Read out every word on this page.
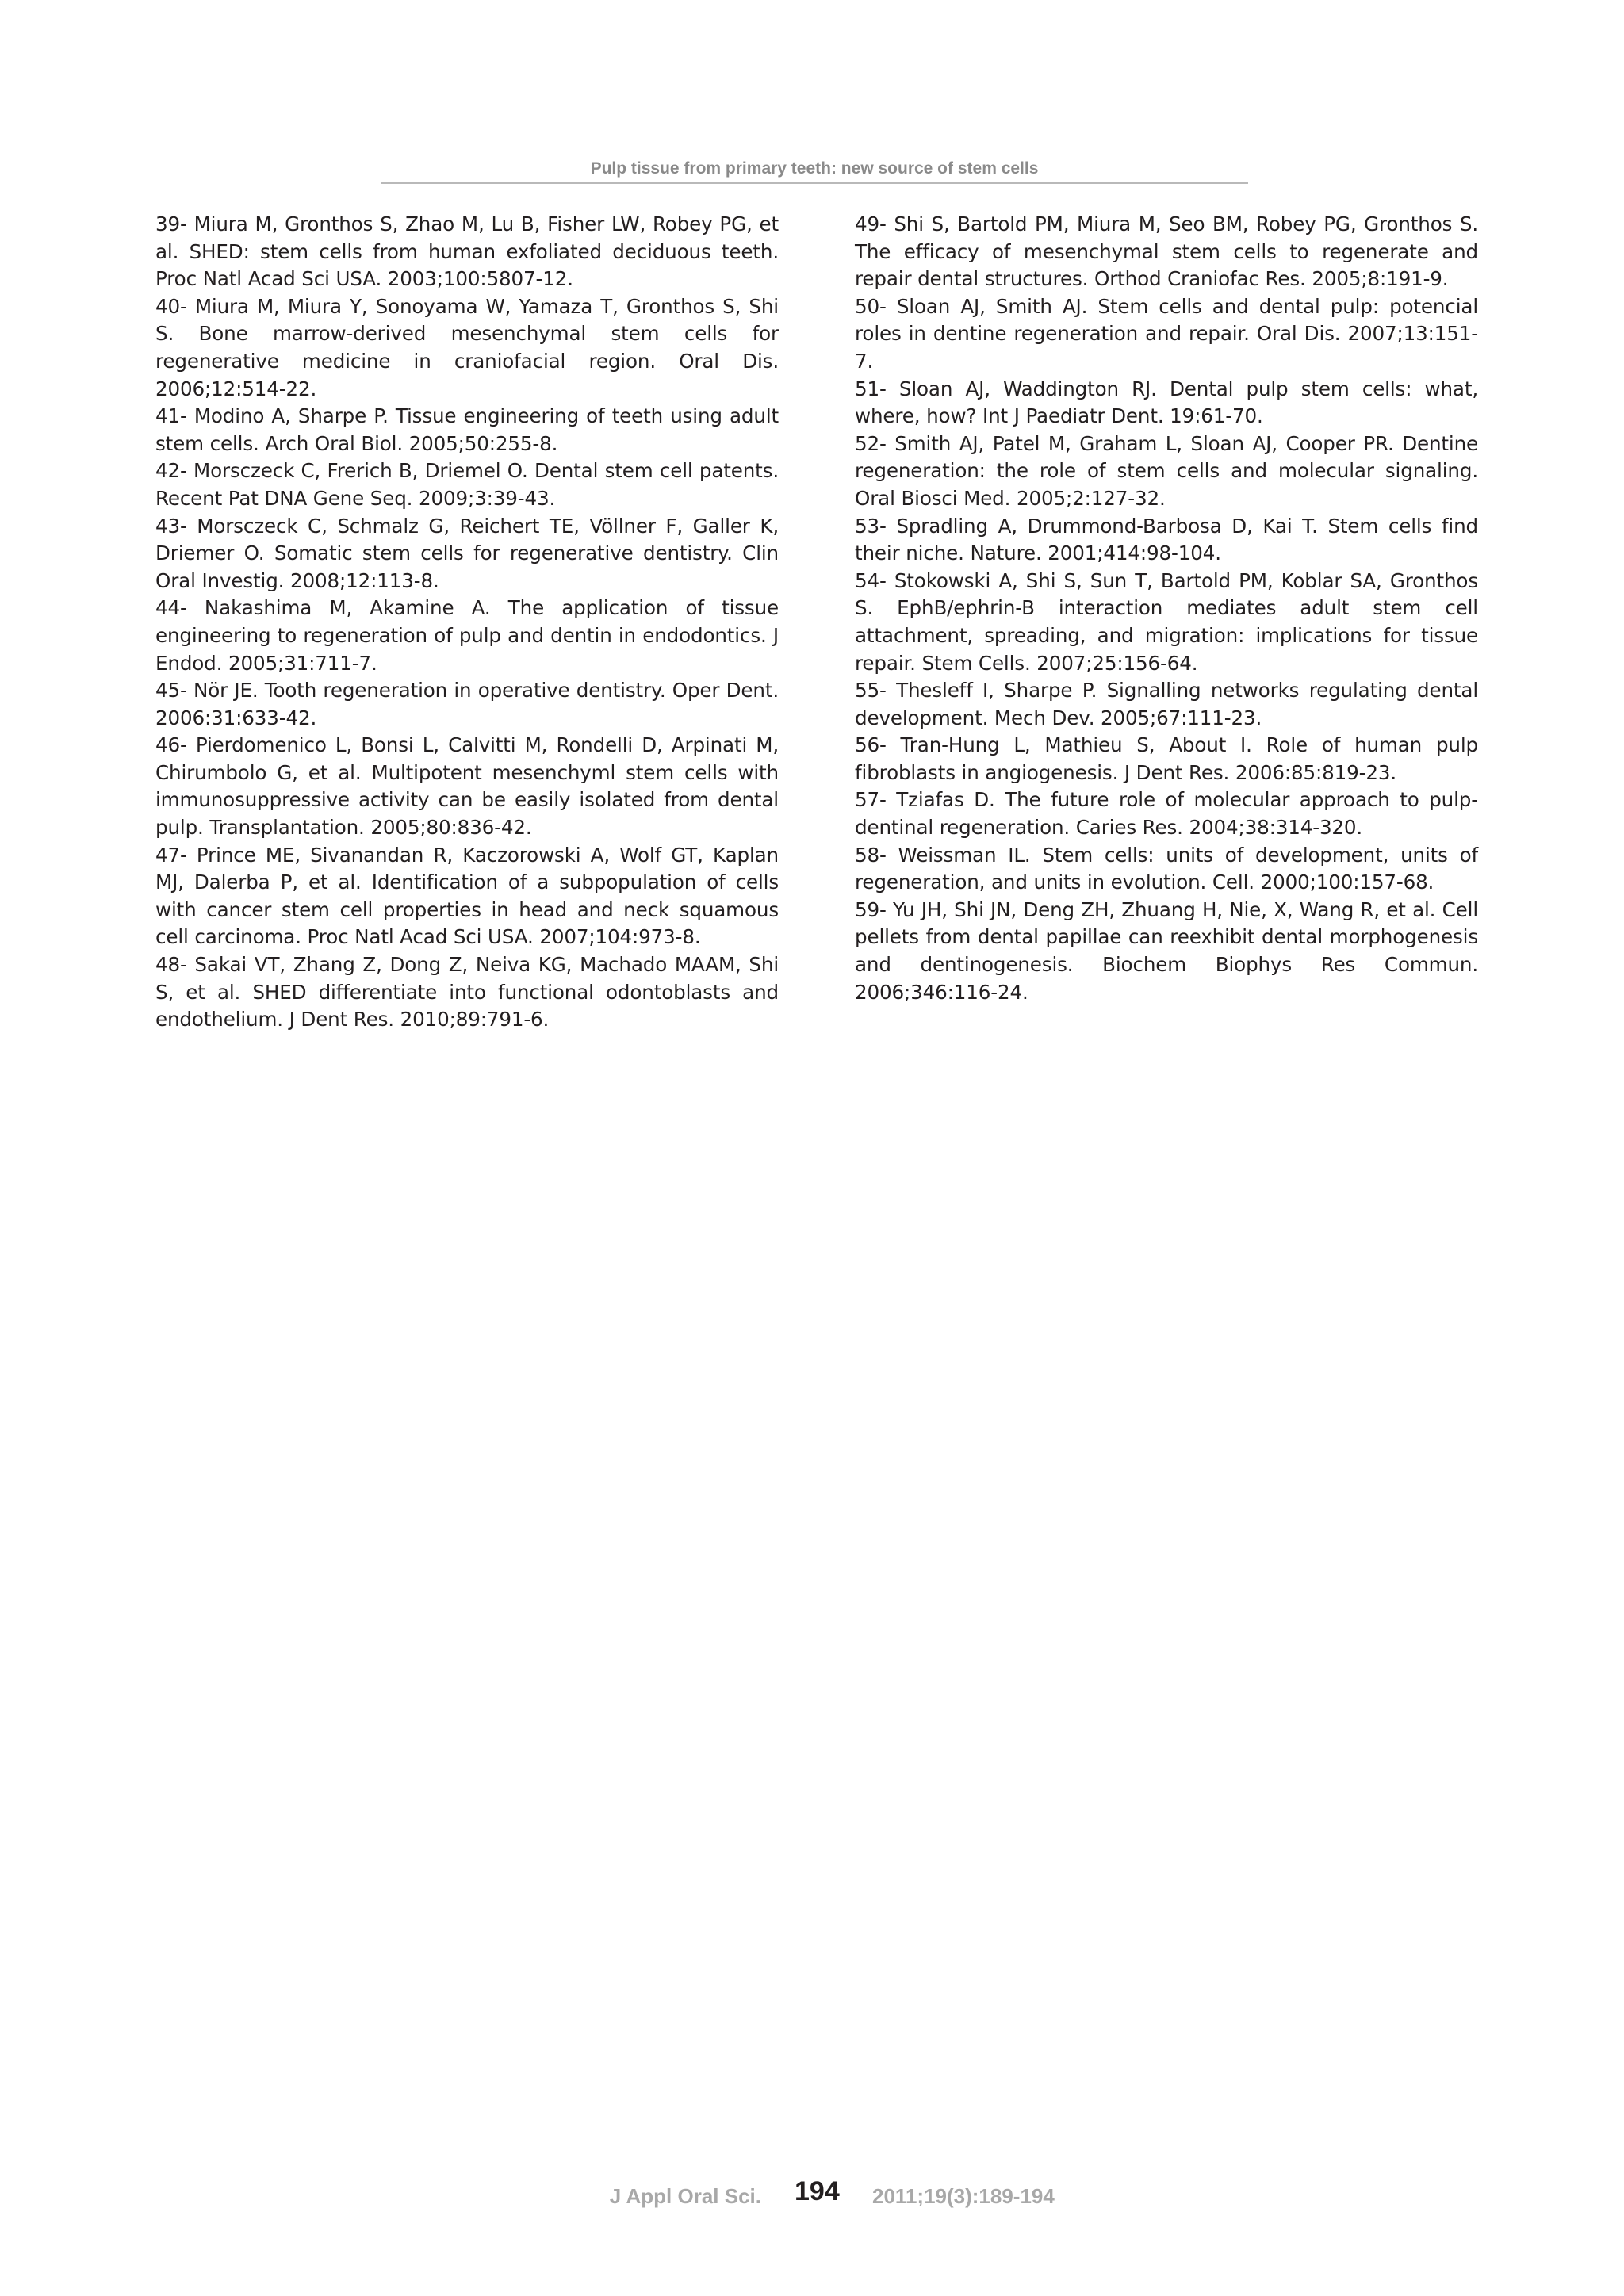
Pulp tissue from primary teeth: new source of stem cells

39- Miura M, Gronthos S, Zhao M, Lu B, Fisher LW, Robey PG, et al. SHED: stem cells from human exfoliated deciduous teeth. Proc Natl Acad Sci USA. 2003;100:5807-12.

40- Miura M, Miura Y, Sonoyama W, Yamaza T, Gronthos S, Shi S. Bone marrow-derived mesenchymal stem cells for regenerative medicine in craniofacial region. Oral Dis. 2006;12:514-22.

41- Modino A, Sharpe P. Tissue engineering of teeth using adult stem cells. Arch Oral Biol. 2005;50:255-8.

42- Morsczeck C, Frerich B, Driemel O. Dental stem cell patents. Recent Pat DNA Gene Seq. 2009;3:39-43.

43- Morsczeck C, Schmalz G, Reichert TE, Völlner F, Galler K, Driemer O. Somatic stem cells for regenerative dentistry. Clin Oral Investig. 2008;12:113-8.

44- Nakashima M, Akamine A. The application of tissue engineering to regeneration of pulp and dentin in endodontics. J Endod. 2005;31:711-7.

45- Nör JE. Tooth regeneration in operative dentistry. Oper Dent. 2006:31:633-42.

46- Pierdomenico L, Bonsi L, Calvitti M, Rondelli D, Arpinati M, Chirumbolo G, et al. Multipotent mesenchyml stem cells with immunosuppressive activity can be easily isolated from dental pulp. Transplantation. 2005;80:836-42.

47- Prince ME, Sivanandan R, Kaczorowski A, Wolf GT, Kaplan MJ, Dalerba P, et al. Identification of a subpopulation of cells with cancer stem cell properties in head and neck squamous cell carcinoma. Proc Natl Acad Sci USA. 2007;104:973-8.

48- Sakai VT, Zhang Z, Dong Z, Neiva KG, Machado MAAM, Shi S, et al. SHED differentiate into functional odontoblasts and endothelium. J Dent Res. 2010;89:791-6.

49- Shi S, Bartold PM, Miura M, Seo BM, Robey PG, Gronthos S. The efficacy of mesenchymal stem cells to regenerate and repair dental structures. Orthod Craniofac Res. 2005;8:191-9.

50- Sloan AJ, Smith AJ. Stem cells and dental pulp: potencial roles in dentine regeneration and repair. Oral Dis. 2007;13:151-7.

51- Sloan AJ, Waddington RJ. Dental pulp stem cells: what, where, how? Int J Paediatr Dent. 19:61-70.

52- Smith AJ, Patel M, Graham L, Sloan AJ, Cooper PR. Dentine regeneration: the role of stem cells and molecular signaling. Oral Biosci Med. 2005;2:127-32.

53- Spradling A, Drummond-Barbosa D, Kai T. Stem cells find their niche. Nature. 2001;414:98-104.

54- Stokowski A, Shi S, Sun T, Bartold PM, Koblar SA, Gronthos S. EphB/ephrin-B interaction mediates adult stem cell attachment, spreading, and migration: implications for tissue repair. Stem Cells. 2007;25:156-64.

55- Thesleff I, Sharpe P. Signalling networks regulating dental development. Mech Dev. 2005;67:111-23.

56- Tran-Hung L, Mathieu S, About I. Role of human pulp fibroblasts in angiogenesis. J Dent Res. 2006:85:819-23.

57- Tziafas D. The future role of molecular approach to pulp-dentinal regeneration. Caries Res. 2004;38:314-320.

58- Weissman IL. Stem cells: units of development, units of regeneration, and units in evolution. Cell. 2000;100:157-68.

59- Yu JH, Shi JN, Deng ZH, Zhuang H, Nie, X, Wang R, et al. Cell pellets from dental papillae can reexhibit dental morphogenesis and dentinogenesis. Biochem Biophys Res Commun. 2006;346:116-24.

J Appl Oral Sci. 194 2011;19(3):189-194
